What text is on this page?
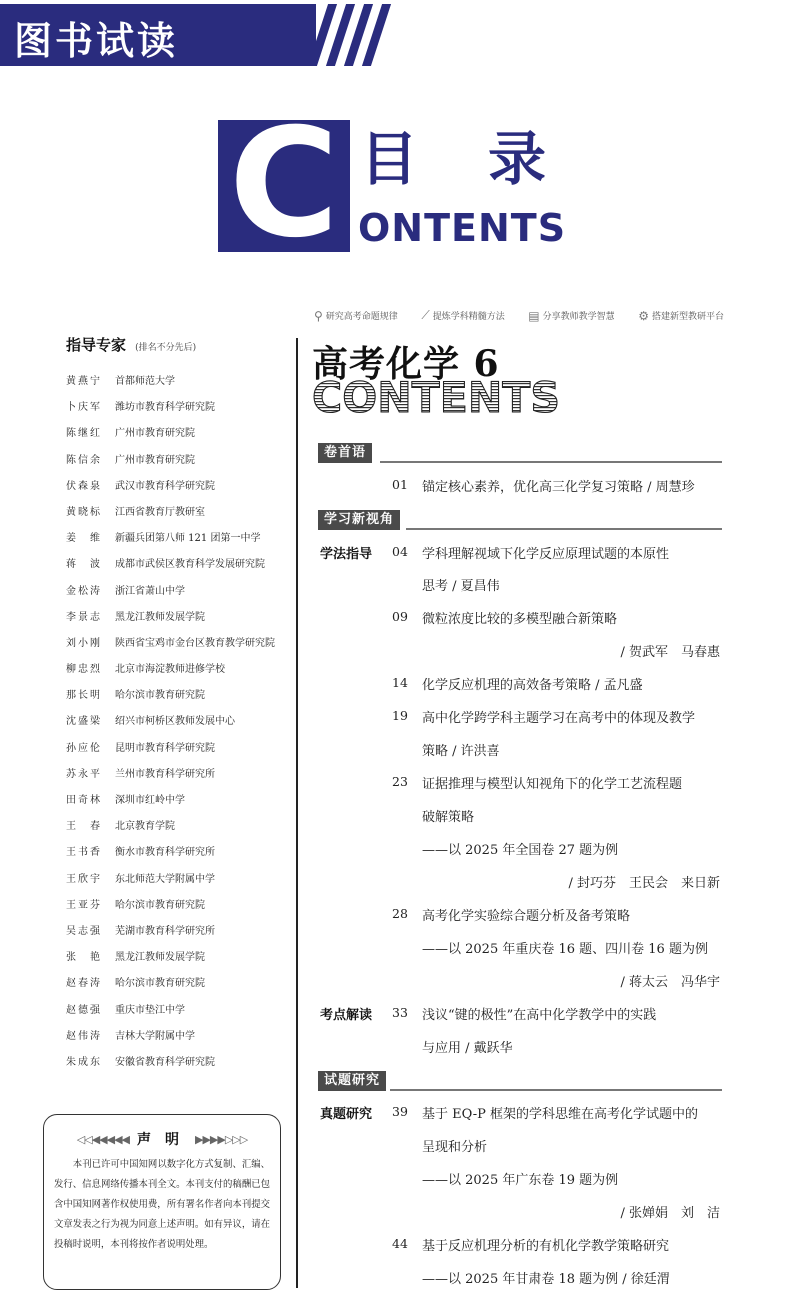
图书试读
C 目录
ONTENTS
⚲ 研究高考命题规律 ⟋ 提炼学科精髓方法 ▤ 分享教师教学智慧 ⚙ 搭建新型教研平台
指导专家 (排名不分先后)
黄燕宁	首都师范大学
卜庆军	潍坊市教育科学研究院
陈继红	广州市教育研究院
陈信余	广州市教育研究院
伏森泉	武汉市教育科学研究院
黄晓标	江西省教育厅教研室
姜维	新疆兵团第八师 121 团第一中学
蒋波	成都市武侯区教育科学发展研究院
金松涛	浙江省萧山中学
李景志	黑龙江教师发展学院
刘小刚	陕西省宝鸡市金台区教育教学研究院
柳忠烈	北京市海淀教师进修学校
那长明	哈尔滨市教育研究院
沈盛梁	绍兴市柯桥区教师发展中心
孙应伦	昆明市教育科学研究院
苏永平	兰州市教育科学研究所
田奇林	深圳市红岭中学
王春	北京教育学院
王书香	衡水市教育科学研究所
王欣宇	东北师范大学附属中学
王亚芬	哈尔滨市教育研究院
吴志强	芜湖市教育科学研究所
张艳	黑龙江教师发展学院
赵春涛	哈尔滨市教育研究院
赵德强	重庆市垫江中学
赵伟涛	吉林大学附属中学
朱成东	安徽省教育科学研究院
◁◁◀◀◀◀◀ 声明 ▶▶▶▶▷▷▷
本刊已许可中国知网以数字化方式复制、汇编、发行、信息网络传播本刊全文。本刊支付的稿酬已包含中国知网著作权使用费，所有署名作者向本刊提交文章发表之行为视为同意上述声明。如有异议，请在投稿时说明，本刊将按作者说明处理。
高考化学 6
CONTENTS
卷首语
01 锚定核心素养，优化高三化学复习策略 / 周慧珍
学习新视角
学法指导 04 学科理解视域下化学反应原理试题的本原性
思考 / 夏昌伟
09 微粒浓度比较的多模型融合新策略
/ 贺武军　马春惠
14 化学反应机理的高效备考策略 / 孟凡盛
19 高中化学跨学科主题学习在高考中的体现及教学
策略 / 许洪喜
23 证据推理与模型认知视角下的化学工艺流程题
破解策略
——以 2025 年全国卷 27 题为例
/ 封巧芬　王民会　来日新
28 高考化学实验综合题分析及备考策略
——以 2025 年重庆卷 16 题、四川卷 16 题为例
/ 蒋太云　冯华宇
考点解读 33 浅议“键的极性”在高中化学教学中的实践
与应用 / 戴跃华
试题研究
真题研究 39 基于 EQ-P 框架的学科思维在高考化学试题中的
呈现和分析
——以 2025 年广东卷 19 题为例
/ 张婵娟　刘　洁
44 基于反应机理分析的有机化学教学策略研究
——以 2025 年甘肃卷 18 题为例 / 徐廷渭
